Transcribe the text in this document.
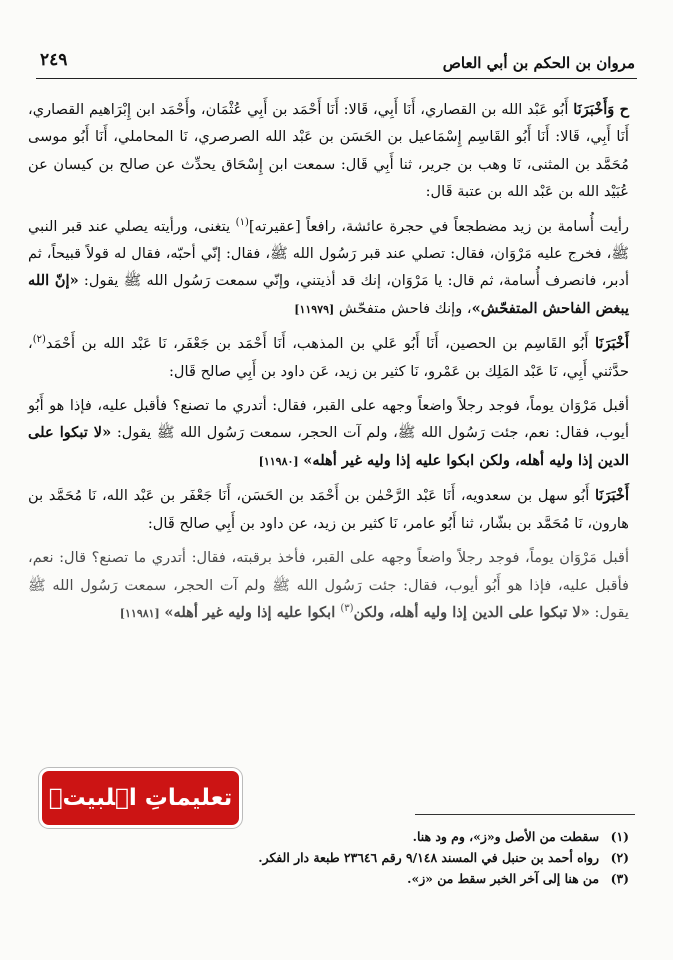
مروان بن الحكم بن أبي العاص
٢٤٩

ح وَأَخْبَرَنَا أَبُو عَبْد الله بن القصاري، أَنَا أَبِي، قَالا: أَنَا أَحْمَد بن أَبِي عُثْمَان، وأَحْمَد ابن إِبْرَاهيم القصاري، أَنَا أَبِي، قَالا: أَنَا أَبُو القَاسِم إِسْمَاعيل بن الحَسَن بن عَبْد الله الصرصري، نَا المحاملي، أَنَا أَبُو موسى مُحَمَّد بن المثنى، نَا وهب بن جرير، ثنا أَبِي قَال: سمعت ابن إِسْحَاق يحدِّث عن صالح بن كيسان عن عُبَيْد الله بن عَبْد الله بن عتبة قَال:

رأيت أُسامة بن زيد مضطجعاً في حجرة عائشة، رافعاً [عقيرته]$^{(١)}$ يتغنى، ورأيته يصلي عند قبر النبي ﷺ، فخرج عليه مَرْوَان، فقال: تصلي عند قبر رَسُول الله ﷺ، فقال: إنّي أحبّه، فقال له قولاً قبيحاً، ثم أدبر، فانصرف أُسامة، ثم قال: يا مَرْوَان، إنك قد أذيتني، وإنّي سمعت رَسُول الله ﷺ يقول: «إنّ الله يبغض الفاحش المتفحّش»، وإنك فاحش متفحّش [١١٩٧٩]

أَخْبَرَنَا أَبُو القَاسِم بن الحصين، أَنَا أَبُو عَلي بن المذهب، أَنَا أَحْمَد بن جَعْفَر، نَا عَبْد الله بن أَحْمَد$^{(٢)}$، حدَّثني أَبِي، نَا عَبْد المَلِك بن عَمْرو، نَا كثير بن زيد، عَن داود بن أَبِي صالح قَال:

أقبل مَرْوَان يوماً، فوجد رجلاً واضعاً وجهه على القبر، فقال: أتدري ما تصنع؟ فأقبل عليه، فإذا هو أَبُو أيوب، فقال: نعم، جئت رَسُول الله ﷺ، ولم آت الحجر، سمعت رَسُول الله ﷺ يقول: «لا تبكوا على الدين إذا وليه أهله، ولكن ابكوا عليه إذا وليه غير أهله» [١١٩٨٠]

أَخْبَرَنَا أَبُو سهل بن سعدويه، أَنَا عَبْد الرَّحْمٰن بن أَحْمَد بن الحَسَن، أَنَا جَعْفَر بن عَبْد الله، نَا مُحَمَّد بن هارون، نَا مُحَمَّد بن بشّار، ثنا أَبُو عامر، نَا كثير بن زيد، عن داود بن أَبِي صالح قَال:

أقبل مَرْوَان يوماً، فوجد رجلاً واضعاً وجهه على القبر، فأخذ برقبته، فقال: أتدري ما تصنع؟ قال: نعم، فأقبل عليه، فإذا هو أَبُو أيوب، فقال: جئت رَسُول الله ﷺ ولم آت الحجر، سمعت رَسُول الله ﷺ يقول: «لا تبكوا على الدين إذا وليه أهله، ولكن$^{(٣)}$ ابكوا عليه إذا وليه غير أهله» [١١٩٨١]

تعليماتِ اہلبیتؑ
(١)سقطت من الأصل و«ز»، وم ود هنا.
(٢)رواه أحمد بن حنبل في المسند ٩/١٤٨ رقم ٢٣٦٤٦ طبعة دار الفكر.
(٣)من هنا إلى آخر الخبر سقط من «ز».
